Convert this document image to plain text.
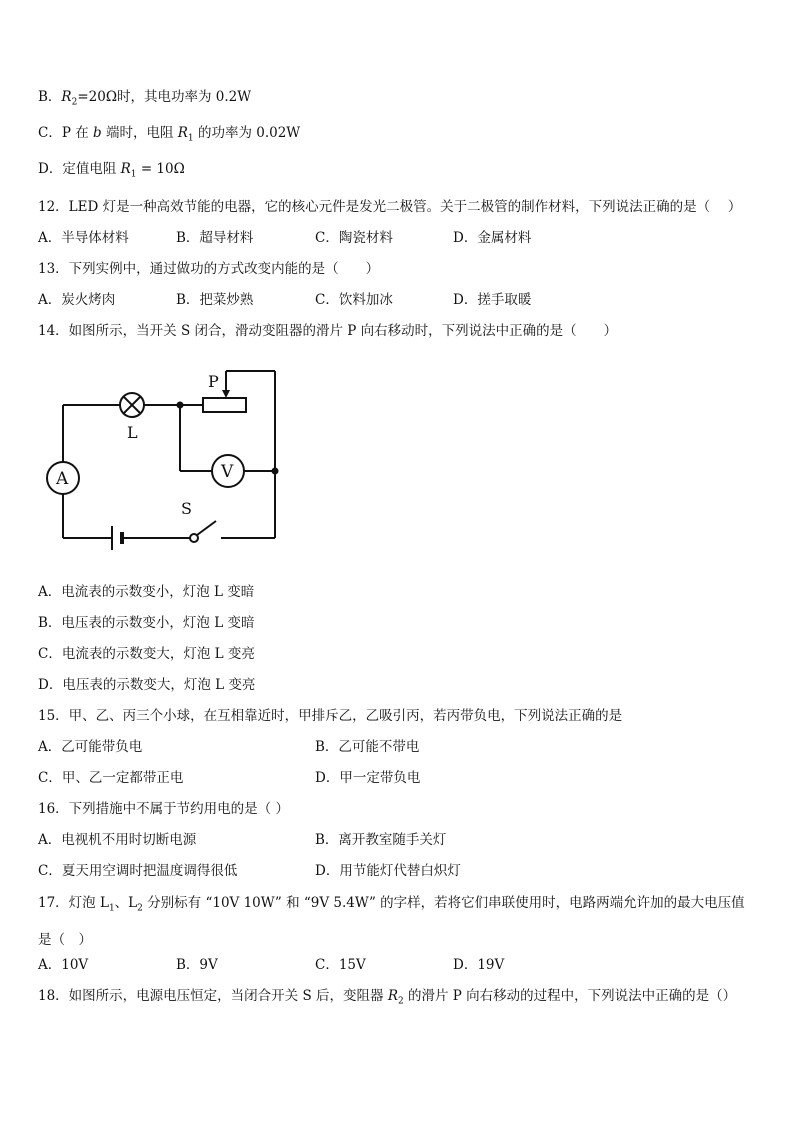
B．$R_2=20\Omega$时，其电功率为 0.2W
C．P 在 b 端时，电阻 $R_1$ 的功率为 0.02W
D．定值电阻 $R_1 = 10\Omega$
12．LED 灯是一种高效节能的电器，它的核心元件是发光二极管。关于二极管的制作材料，下列说法正确的是（　 ）
A．半导体材料	B．超导材料	C．陶瓷材料	D．金属材料
13．下列实例中，通过做功的方式改变内能的是（　　）
A．炭火烤肉	B．把菜炒熟	C．饮料加冰	D．搓手取暖
14．如图所示，当开关 S 闭合，滑动变阻器的滑片 P 向右移动时，下列说法中正确的是（　　）
L
P
V
A
S
A．电流表的示数变小，灯泡 L 变暗
B．电压表的示数变小，灯泡 L 变暗
C．电流表的示数变大，灯泡 L 变亮
D．电压表的示数变大，灯泡 L 变亮
15．甲、乙、丙三个小球，在互相靠近时，甲排斥乙，乙吸引丙，若丙带负电，下列说法正确的是
A．乙可能带负电	B．乙可能不带电
C．甲、乙一定都带正电	D．甲一定带负电
16．下列措施中不属于节约用电的是（ ）
A．电视机不用时切断电源	B．离开教室随手关灯
C．夏天用空调时把温度调得很低	D．用节能灯代替白炽灯
17．灯泡 $L_1$、$L_2$ 分别标有 “10V 10W” 和 “9V 5.4W” 的字样，若将它们串联使用时，电路两端允许加的最大电压值是（　）
A．10V	B．9V	C．15V	D．19V
18．如图所示，电源电压恒定，当闭合开关 S 后，变阻器 $R_2$ 的滑片 P 向右移动的过程中，下列说法中正确的是（）
